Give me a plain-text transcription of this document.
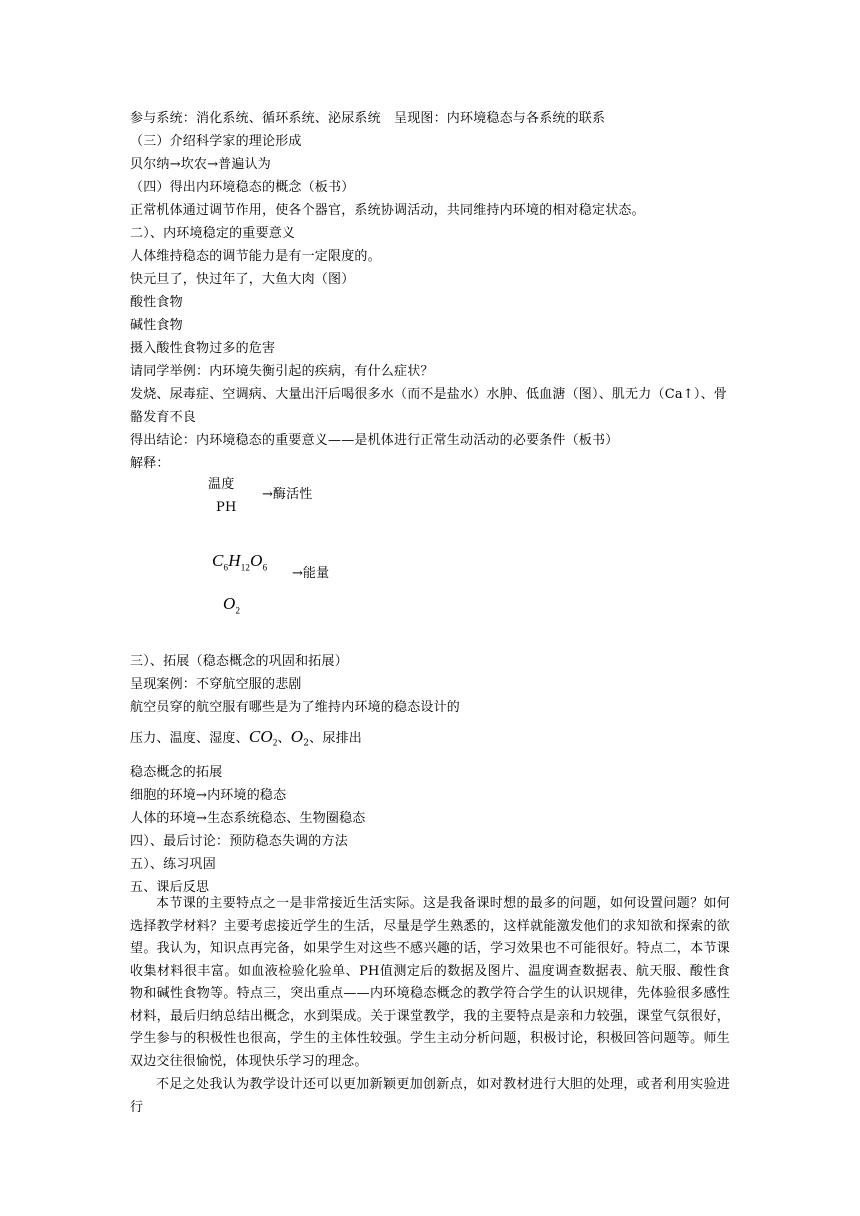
参与系统：消化系统、循环系统、泌尿系统　呈现图：内环境稳态与各系统的联系
（三）介绍科学家的理论形成
贝尔纳→坎农→普遍认为
（四）得出内环境稳态的概念（板书）
正常机体通过调节作用，使各个器官，系统协调活动，共同维持内环境的相对稳定状态。
二）、内环境稳定的重要意义
人体维持稳态的调节能力是有一定限度的。
快元旦了，快过年了，大鱼大肉（图）
酸性食物
碱性食物
摄入酸性食物过多的危害
请同学举例：内环境失衡引起的疾病，有什么症状？
发烧、尿毒症、空调病、大量出汗后喝很多水（而不是盐水）水肿、低血溏（图）、肌无力（Ca↑）、骨
骼发育不良
得出结论：内环境稳态的重要意义——是机体进行正常生动活动的必要条件（板书）
解释：
温度
PH
→酶活性
$C_6H_{12}O_6$ →能量
$O_2$
三）、拓展（稳态概念的巩固和拓展）
呈现案例：不穿航空服的悲剧
航空员穿的航空服有哪些是为了维持内环境的稳态设计的
压力、温度、湿度、$CO_2$、$O_2$、尿排出
稳态概念的拓展
细胞的环境→内环境的稳态
人体的环境→生态系统稳态、生物圈稳态
四）、最后讨论：预防稳态失调的方法
五）、练习巩固
五、课后反思

本节课的主要特点之一是非常接近生活实际。这是我备课时想的最多的问题，如何设置问题？如何选择教学材料？主要考虑接近学生的生活，尽量是学生熟悉的，这样就能激发他们的求知欲和探索的欲望。我认为，知识点再完备，如果学生对这些不感兴趣的话，学习效果也不可能很好。特点二，本节课收集材料很丰富。如血液检验化验单、PH值测定后的数据及图片、温度调查数据表、航天服、酸性食物和碱性食物等。特点三，突出重点——内环境稳态概念的教学符合学生的认识规律，先体验很多感性材料，最后归纳总结出概念，水到渠成。关于课堂教学，我的主要特点是亲和力较强，课堂气氛很好，学生参与的积极性也很高，学生的主体性较强。学生主动分析问题，积极讨论，积极回答问题等。师生双边交往很愉悦，体现快乐学习的理念。

不足之处我认为教学设计还可以更加新颖更加创新点，如对教材进行大胆的处理，或者利用实验进行
